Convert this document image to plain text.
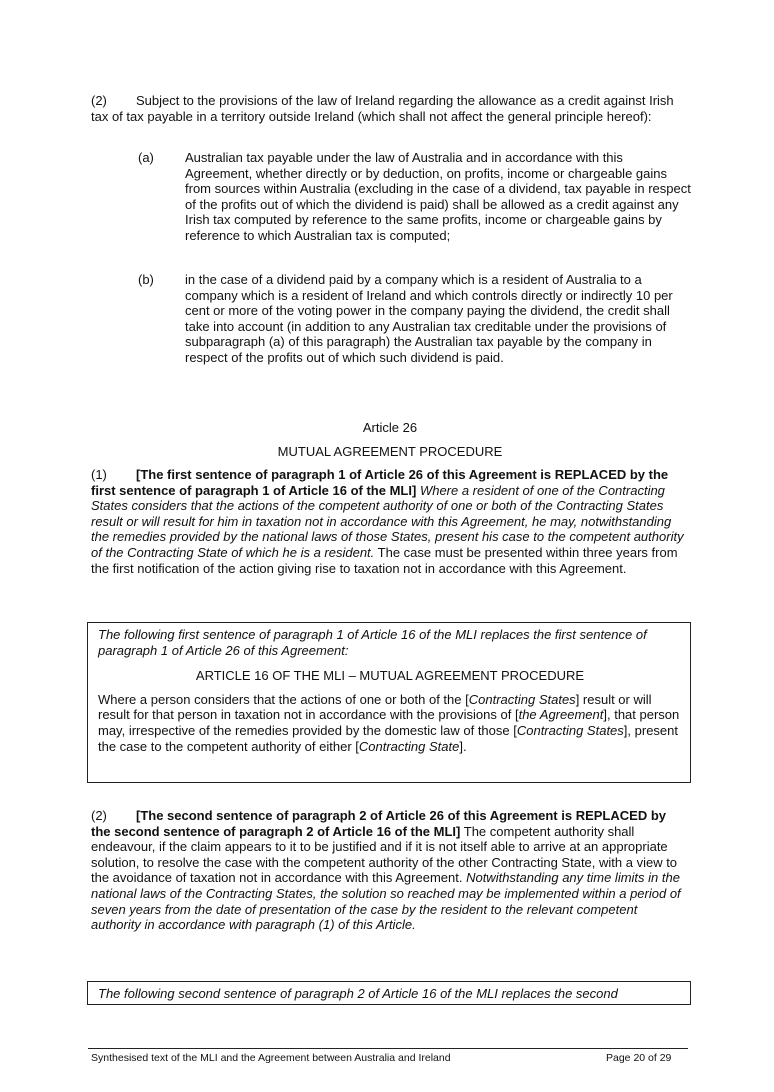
(2) Subject to the provisions of the law of Ireland regarding the allowance as a credit against Irish tax of tax payable in a territory outside Ireland (which shall not affect the general principle hereof):

(a) Australian tax payable under the law of Australia and in accordance with this Agreement, whether directly or by deduction, on profits, income or chargeable gains from sources within Australia (excluding in the case of a dividend, tax payable in respect of the profits out of which the dividend is paid) shall be allowed as a credit against any Irish tax computed by reference to the same profits, income or chargeable gains by reference to which Australian tax is computed;
(b) in the case of a dividend paid by a company which is a resident of Australia to a company which is a resident of Ireland and which controls directly or indirectly 10 per cent or more of the voting power in the company paying the dividend, the credit shall take into account (in addition to any Australian tax creditable under the provisions of subparagraph (a) of this paragraph) the Australian tax payable by the company in respect of the profits out of which such dividend is paid.
Article 26
MUTUAL AGREEMENT PROCEDURE

(1) [The first sentence of paragraph 1 of Article 26 of this Agreement is REPLACED by the first sentence of paragraph 1 of Article 16 of the MLI] Where a resident of one of the Contracting States considers that the actions of the competent authority of one or both of the Contracting States result or will result for him in taxation not in accordance with this Agreement, he may, notwithstanding the remedies provided by the national laws of those States, present his case to the competent authority of the Contracting State of which he is a resident. The case must be presented within three years from the first notification of the action giving rise to taxation not in accordance with this Agreement.

The following first sentence of paragraph 1 of Article 16 of the MLI replaces the first sentence of paragraph 1 of Article 26 of this Agreement:

ARTICLE 16 OF THE MLI – MUTUAL AGREEMENT PROCEDURE

Where a person considers that the actions of one or both of the [Contracting States] result or will result for that person in taxation not in accordance with the provisions of [the Agreement], that person may, irrespective of the remedies provided by the domestic law of those [Contracting States], present the case to the competent authority of either [Contracting State].

(2) [The second sentence of paragraph 2 of Article 26 of this Agreement is REPLACED by the second sentence of paragraph 2 of Article 16 of the MLI] The competent authority shall endeavour, if the claim appears to it to be justified and if it is not itself able to arrive at an appropriate solution, to resolve the case with the competent authority of the other Contracting State, with a view to the avoidance of taxation not in accordance with this Agreement. Notwithstanding any time limits in the national laws of the Contracting States, the solution so reached may be implemented within a period of seven years from the date of presentation of the case by the resident to the relevant competent authority in accordance with paragraph (1) of this Article.

The following second sentence of paragraph 2 of Article 16 of the MLI replaces the second

Synthesised text of the MLI and the Agreement between Australia and Ireland	Page 20 of 29
